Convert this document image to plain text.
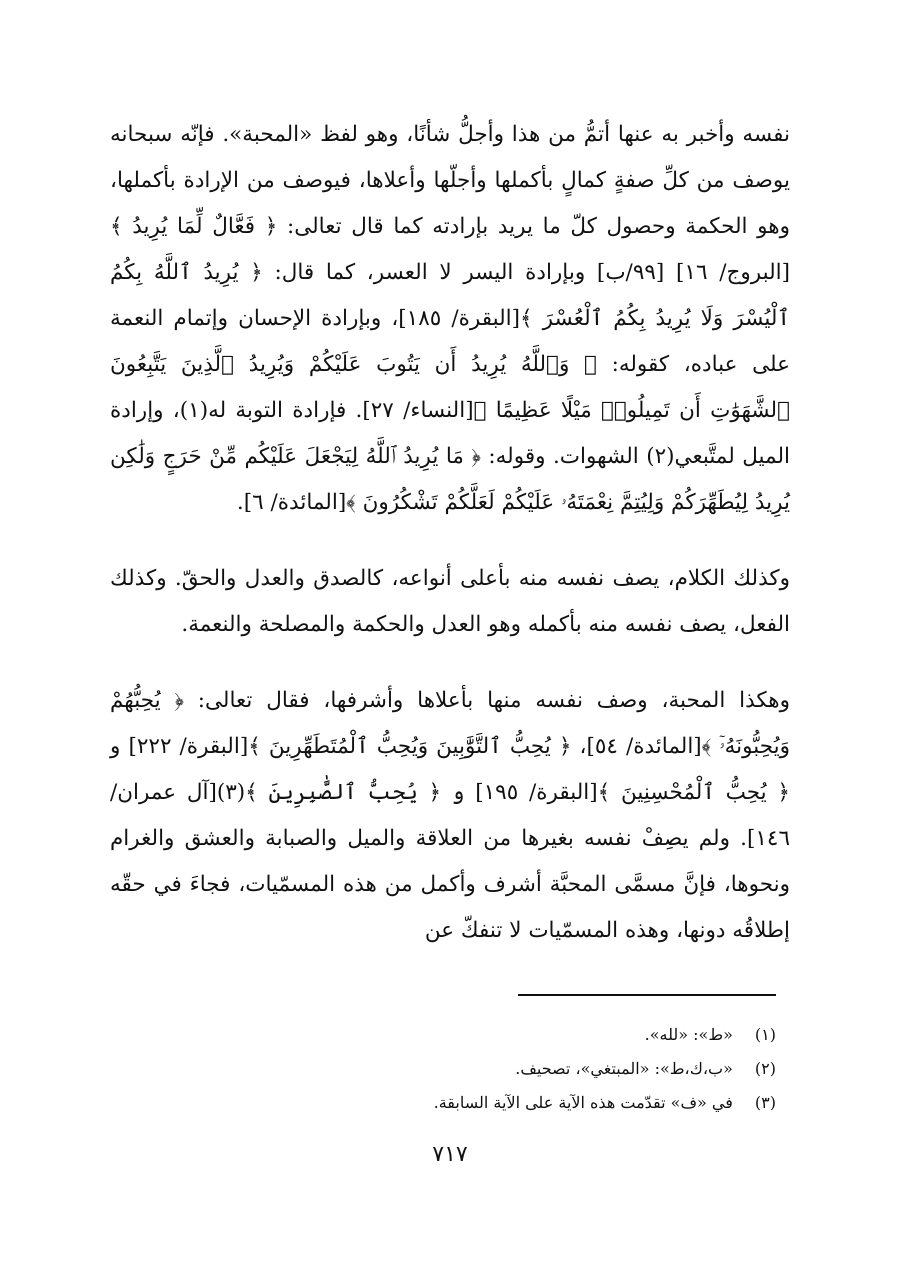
نفسه وأخبر به عنها أتمُّ من هذا وأجلُّ شأنًا، وهو لفظ «المحبة». فإنّه سبحانه يوصف من كلِّ صفةٍ كمالٍ بأكملها وأجلّها وأعلاها، فيوصف من الإرادة بأكملها، وهو الحكمة وحصول كلّ ما يريد بإرادته كما قال تعالى: ﴿ فَعَّالٌ لِّمَا يُرِيدُ ﴾[البروج/ ١٦] [٩٩/ب] وبإرادة اليسر لا العسر، كما قال: ﴿ يُرِيدُ ٱللَّهُ بِكُمُ ٱلْيُسْرَ وَلَا يُرِيدُ بِكُمُ ٱلْعُسْرَ ﴾[البقرة/ ١٨٥]، وبإرادة الإحسان وإتمام النعمة على عباده، كقوله: ﴿ وَٱللَّهُ يُرِيدُ أَن يَتُوبَ عَلَيْكُمْ وَيُرِيدُ ٱلَّذِينَ يَتَّبِعُونَ ٱلشَّهَوَٰتِ أَن تَمِيلُوا۟ مَيْلًا عَظِيمًا ﴾[النساء/ ٢٧]. فإرادة التوبة له(١)، وإرادة الميل لمتَّبعي(٢) الشهوات. وقوله: ﴿ مَا يُرِيدُ ٱللَّهُ لِيَجْعَلَ عَلَيْكُم مِّنْ حَرَجٍ وَلَٰكِن يُرِيدُ لِيُطَهِّرَكُمْ وَلِيُتِمَّ نِعْمَتَهُۥ عَلَيْكُمْ لَعَلَّكُمْ تَشْكُرُونَ ﴾[المائدة/ ٦].

وكذلك الكلام، يصف نفسه منه بأعلى أنواعه، كالصدق والعدل والحقّ. وكذلك الفعل، يصف نفسه منه بأكمله وهو العدل والحكمة والمصلحة والنعمة.

وهكذا المحبة، وصف نفسه منها بأعلاها وأشرفها، فقال تعالى: ﴿ يُحِبُّهُمْ وَيُحِبُّونَهُۥٓ ﴾[المائدة/ ٥٤]، ﴿ يُحِبُّ ٱلتَّوَّٰبِينَ وَيُحِبُّ ٱلْمُتَطَهِّرِينَ ﴾[البقرة/ ٢٢٢] و ﴿ يُحِبُّ ٱلْمُحْسِنِينَ ﴾[البقرة/ ١٩٥] و ﴿ يُحِبُّ ٱلصَّٰبِرِينَ ﴾(٣)[آل عمران/ ١٤٦]. ولم يصِفْ نفسه بغيرها من العلاقة والميل والصبابة والعشق والغرام ونحوها، فإنَّ مسمَّى المحبَّة أشرف وأكمل من هذه المسمّيات، فجاءَ في حقّه إطلاقُه دونها، وهذه المسمّيات لا تنفكّ عن

(١) «ط»: «لله».
(٢) «ب،ك،ط»: «المبتغي»، تصحيف.
(٣) في «ف» تقدّمت هذه الآية على الآية السابقة.
٧١٧
